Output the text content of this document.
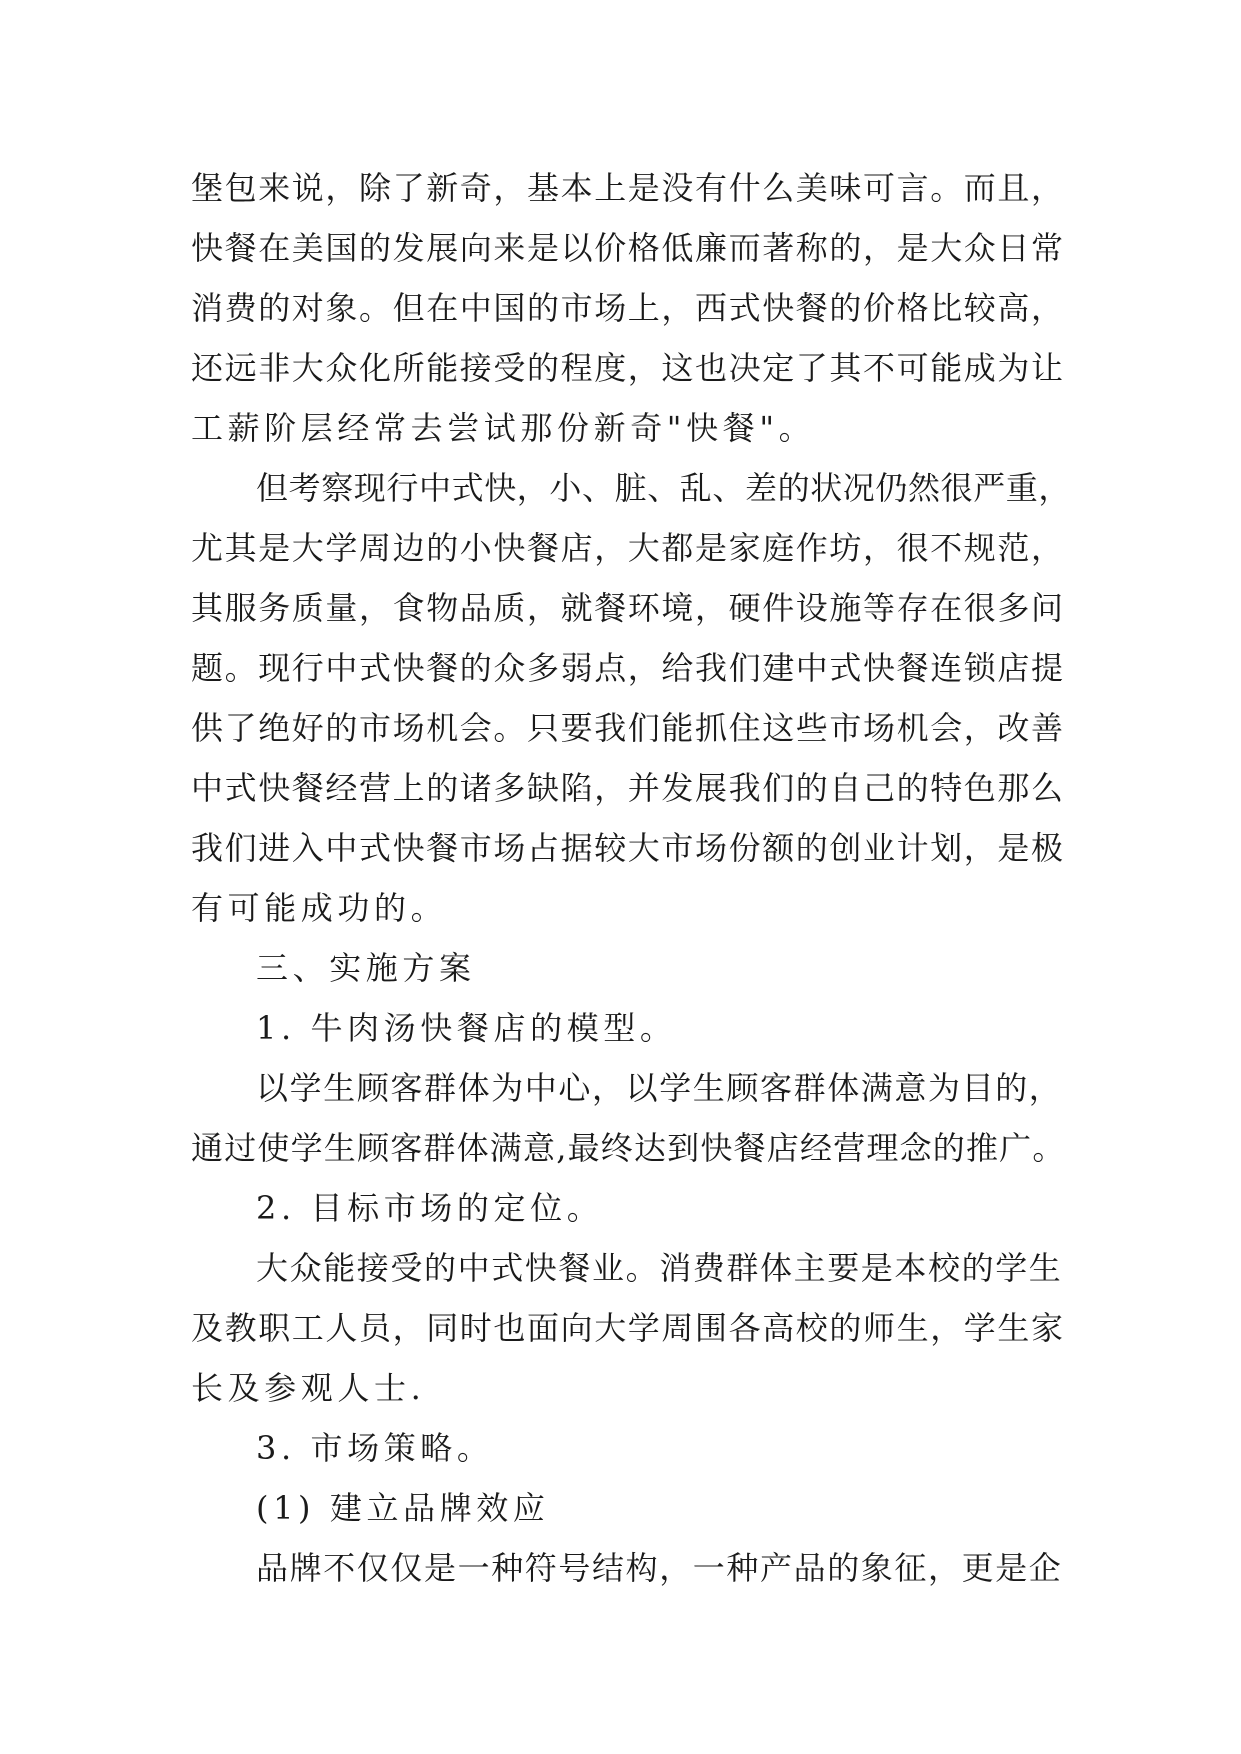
堡包来说，除了新奇，基本上是没有什么美味可言。而且，
快餐在美国的发展向来是以价格低廉而著称的，是大众日常
消费的对象。但在中国的市场上，西式快餐的价格比较高，
还远非大众化所能接受的程度，这也决定了其不可能成为让
工薪阶层经常去尝试那份新奇"快餐"。
但考察现行中式快，小、脏、乱、差的状况仍然很严重，
尤其是大学周边的小快餐店，大都是家庭作坊，很不规范，
其服务质量，食物品质，就餐环境，硬件设施等存在很多问
题。现行中式快餐的众多弱点，给我们建中式快餐连锁店提
供了绝好的市场机会。只要我们能抓住这些市场机会，改善
中式快餐经营上的诸多缺陷，并发展我们的自己的特色那么
我们进入中式快餐市场占据较大市场份额的创业计划，是极
有可能成功的。
三、实施方案
1. 牛肉汤快餐店的模型。
以学生顾客群体为中心，以学生顾客群体满意为目的，
通过使学生顾客群体满意,最终达到快餐店经营理念的推广。
2. 目标市场的定位。
大众能接受的中式快餐业。消费群体主要是本校的学生
及教职工人员，同时也面向大学周围各高校的师生，学生家
长及参观人士.
3. 市场策略。
(1) 建立品牌效应
品牌不仅仅是一种符号结构，一种产品的象征，更是企
